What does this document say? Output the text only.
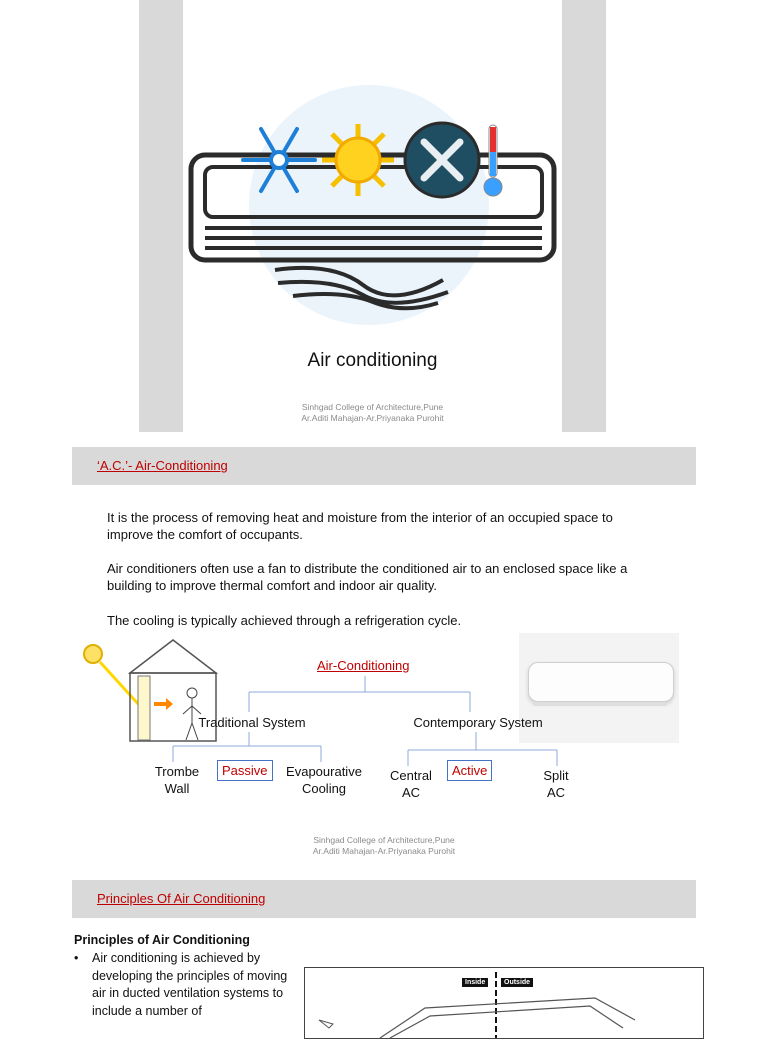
Air conditioning
Sinhgad College of Architecture,Pune
Ar.Aditi Mahajan-Ar.Priyanaka Purohit
‘A.C.’- Air-Conditioning
It is the process of removing heat and moisture from the interior of an occupied space to improve the comfort of occupants.
Air conditioners often use a fan to distribute the conditioned air to an enclosed space like a building to improve thermal comfort and indoor air quality.
The cooling is typically achieved through a refrigeration cycle.
Air-Conditioning
Traditional System	Contemporary System
Trombe
Wall
Passive	Evapourative
Cooling
Central
AC
Active	Split
AC
Sinhgad College of Architecture,Pune
Ar.Aditi Mahajan-Ar.Priyanaka Purohit
Principles Of Air Conditioning
Principles of Air Conditioning
• Air conditioning is achieved by developing the principles of moving air in ducted ventilation systems to include a number of
Inside	Outside
